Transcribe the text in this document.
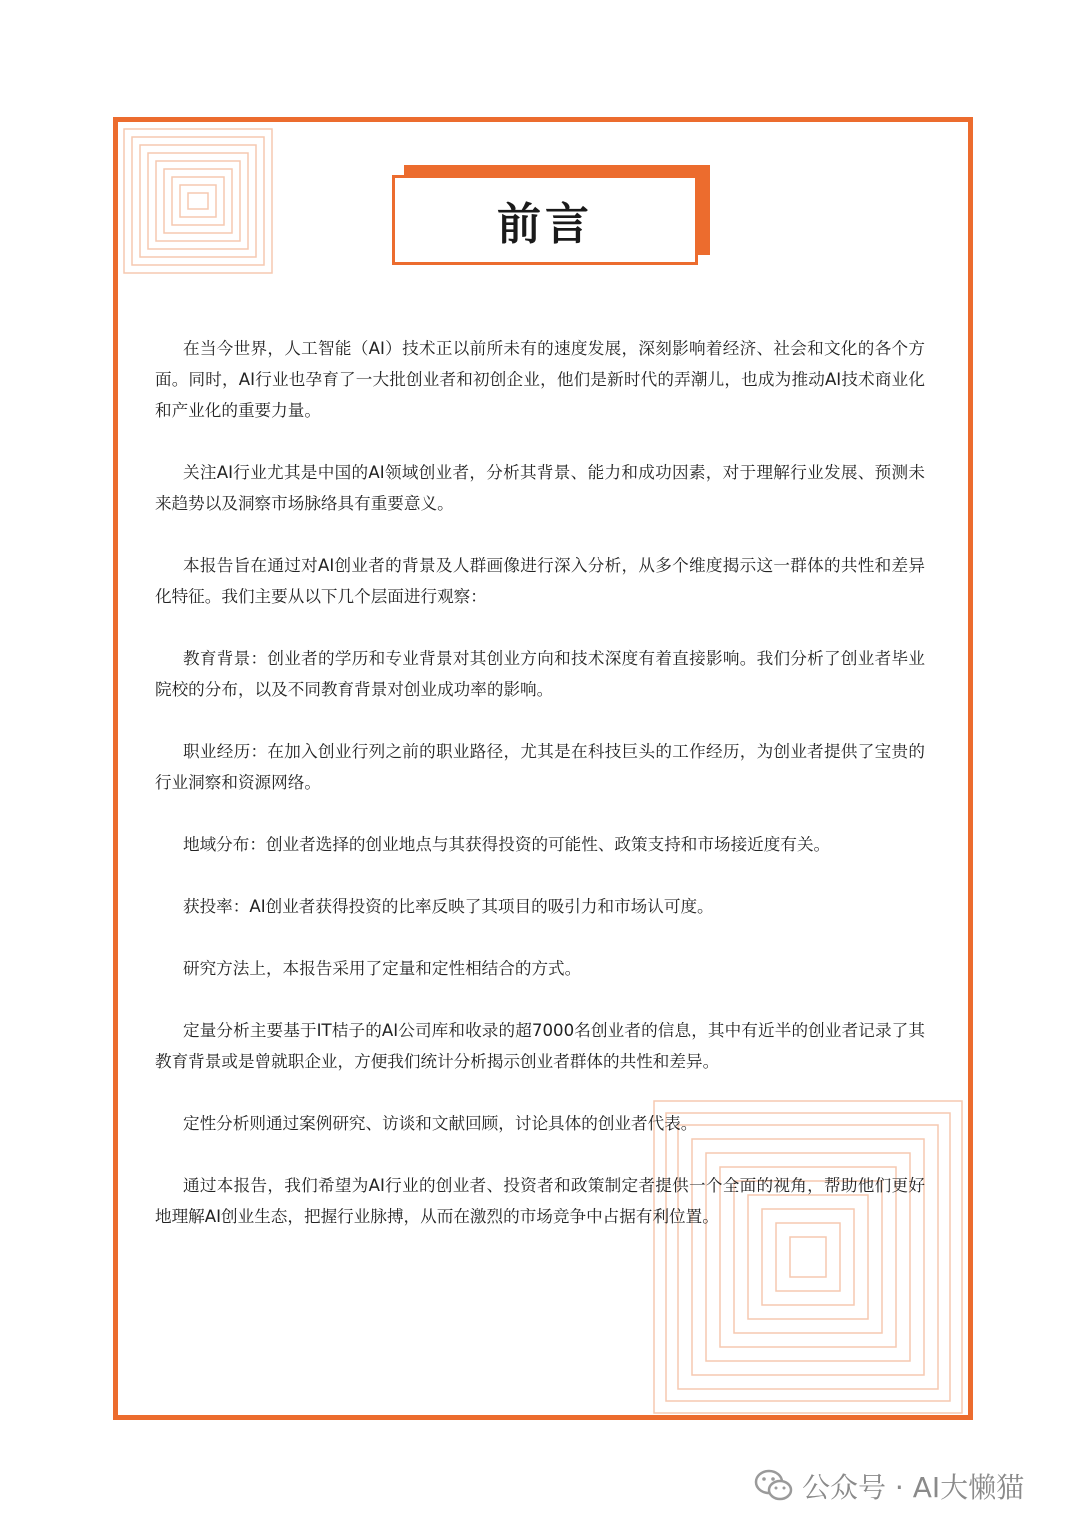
前言

在当今世界，人工智能（AI）技术正以前所未有的速度发展，深刻影响着经济、社会和文化的各个方面。同时，AI行业也孕育了一大批创业者和初创企业，他们是新时代的弄潮儿，也成为推动AI技术商业化和产业化的重要力量。

关注AI行业尤其是中国的AI领域创业者，分析其背景、能力和成功因素，对于理解行业发展、预测未来趋势以及洞察市场脉络具有重要意义。

本报告旨在通过对AI创业者的背景及人群画像进行深入分析，从多个维度揭示这一群体的共性和差异化特征。我们主要从以下几个层面进行观察：

教育背景：创业者的学历和专业背景对其创业方向和技术深度有着直接影响。我们分析了创业者毕业院校的分布，以及不同教育背景对创业成功率的影响。

职业经历：在加入创业行列之前的职业路径，尤其是在科技巨头的工作经历，为创业者提供了宝贵的行业洞察和资源网络。

地域分布：创业者选择的创业地点与其获得投资的可能性、政策支持和市场接近度有关。

获投率：AI创业者获得投资的比率反映了其项目的吸引力和市场认可度。

研究方法上，本报告采用了定量和定性相结合的方式。

定量分析主要基于IT桔子的AI公司库和收录的超7000名创业者的信息，其中有近半的创业者记录了其教育背景或是曾就职企业，方便我们统计分析揭示创业者群体的共性和差异。

定性分析则通过案例研究、访谈和文献回顾，讨论具体的创业者代表。

通过本报告，我们希望为AI行业的创业者、投资者和政策制定者提供一个全面的视角，帮助他们更好地理解AI创业生态，把握行业脉搏，从而在激烈的市场竞争中占据有利位置。

公众号 · AI大懒猫
